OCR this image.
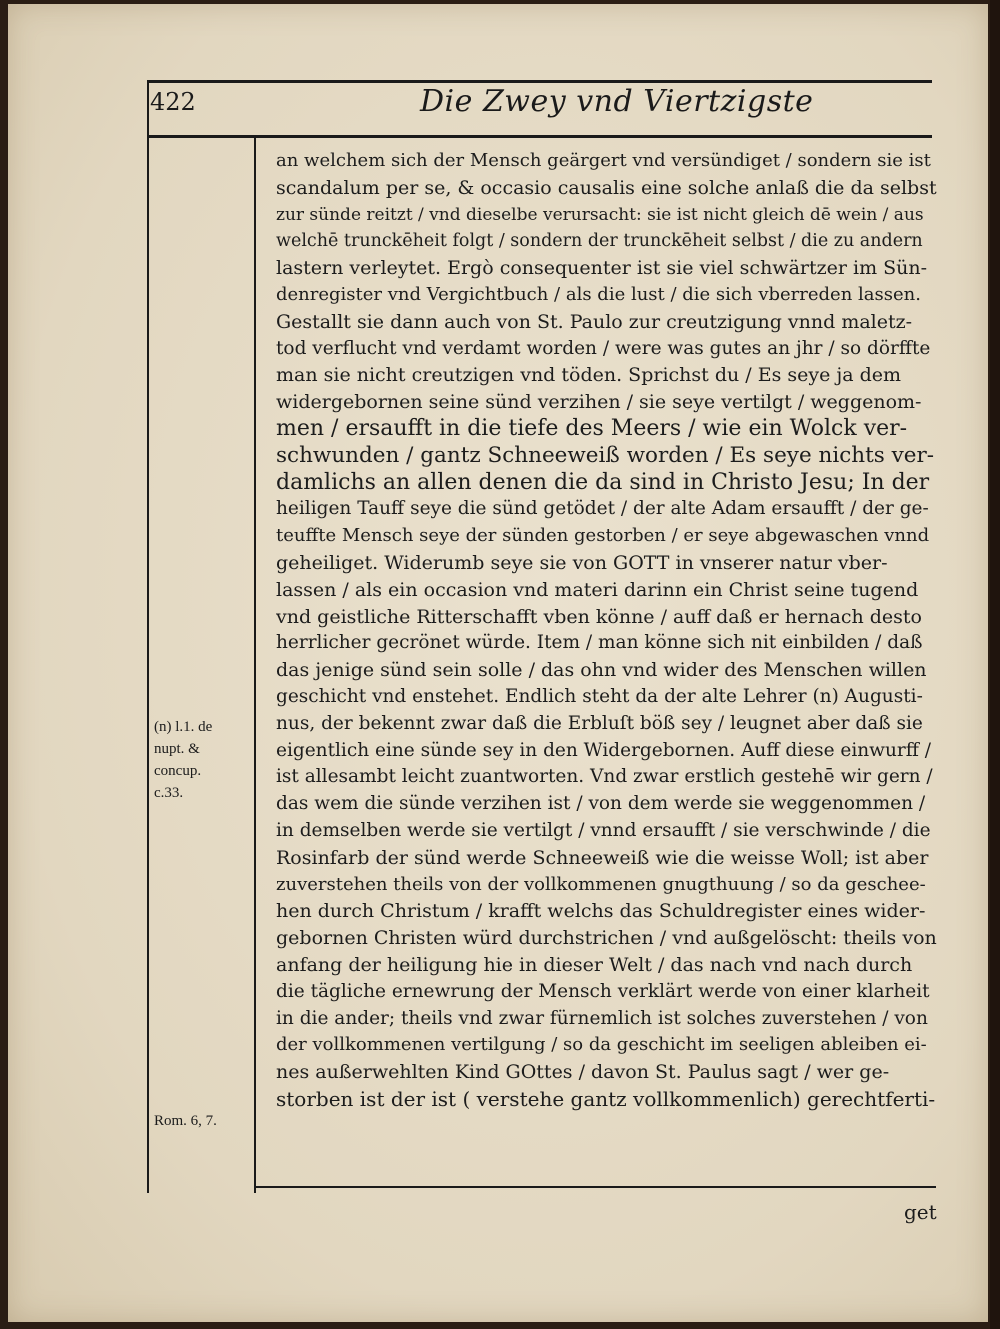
422	Die Zwey vnd Viertzigste
(n) l.1. de
nupt. &
concup.
c.33.
Rom. 6, 7.
an welchem sich der Mensch geärgert vnd versündiget / sondern sie ist
scandalum per se, & occasio causalis eine solche anlaß die da selbst
zur sünde reitzt / vnd dieselbe verursacht: sie ist nicht gleich dē wein / aus
welchē trunckēheit folgt / sondern der trunckēheit selbst / die zu andern
lastern verleytet. Ergò consequenter ist sie viel schwärtzer im Sün-
denregister vnd Vergichtbuch / als die lust / die sich vberreden lassen.
Gestallt sie dann auch von St. Paulo zur creutzigung vnnd maletz-
tod verflucht vnd verdamt worden / were was gutes an jhr / so dörffte
man sie nicht creutzigen vnd töden. Sprichst du / Es seye ja dem
widergebornen seine sünd verzihen / sie seye vertilgt / weggenom-
men / ersaufft in die tiefe des Meers / wie ein Wolck ver-
schwunden / gantz Schneeweiß worden / Es seye nichts ver-
damlichs an allen denen die da sind in Christo Jesu; In der
heiligen Tauff seye die sünd getödet / der alte Adam ersaufft / der ge-
teuffte Mensch seye der sünden gestorben / er seye abgewaschen vnnd
geheiliget. Widerumb seye sie von GOTT in vnserer natur vber-
lassen / als ein occasion vnd materi darinn ein Christ seine tugend
vnd geistliche Ritterschafft vben könne / auff daß er hernach desto
herrlicher gecrönet würde. Item / man könne sich nit einbilden / daß
das jenige sünd sein solle / das ohn vnd wider des Menschen willen
geschicht vnd enstehet. Endlich steht da der alte Lehrer (n) Augusti-
nus, der bekennt zwar daß die Erbluſt böß sey / leugnet aber daß sie
eigentlich eine sünde sey in den Widergebornen. Auff diese einwurff /
ist allesambt leicht zuantworten. Vnd zwar erstlich gestehē wir gern /
das wem die sünde verzihen ist / von dem werde sie weggenommen /
in demselben werde sie vertilgt / vnnd ersaufft / sie verschwinde / die
Rosinfarb der sünd werde Schneeweiß wie die weisse Woll; ist aber
zuverstehen theils von der vollkommenen gnugthuung / so da geschee-
hen durch Christum / krafft welchs das Schuldregister eines wider-
gebornen Christen würd durchstrichen / vnd außgelöscht: theils von
anfang der heiligung hie in dieser Welt / das nach vnd nach durch
die tägliche ernewrung der Mensch verklärt werde von einer klarheit
in die ander; theils vnd zwar fürnemlich ist solches zuverstehen / von
der vollkommenen vertilgung / so da geschicht im seeligen ableiben ei-
nes außerwehlten Kind GOttes / davon St. Paulus sagt / wer ge-
storben ist der ist ( verstehe gantz vollkommenlich) gerechtferti-
get
